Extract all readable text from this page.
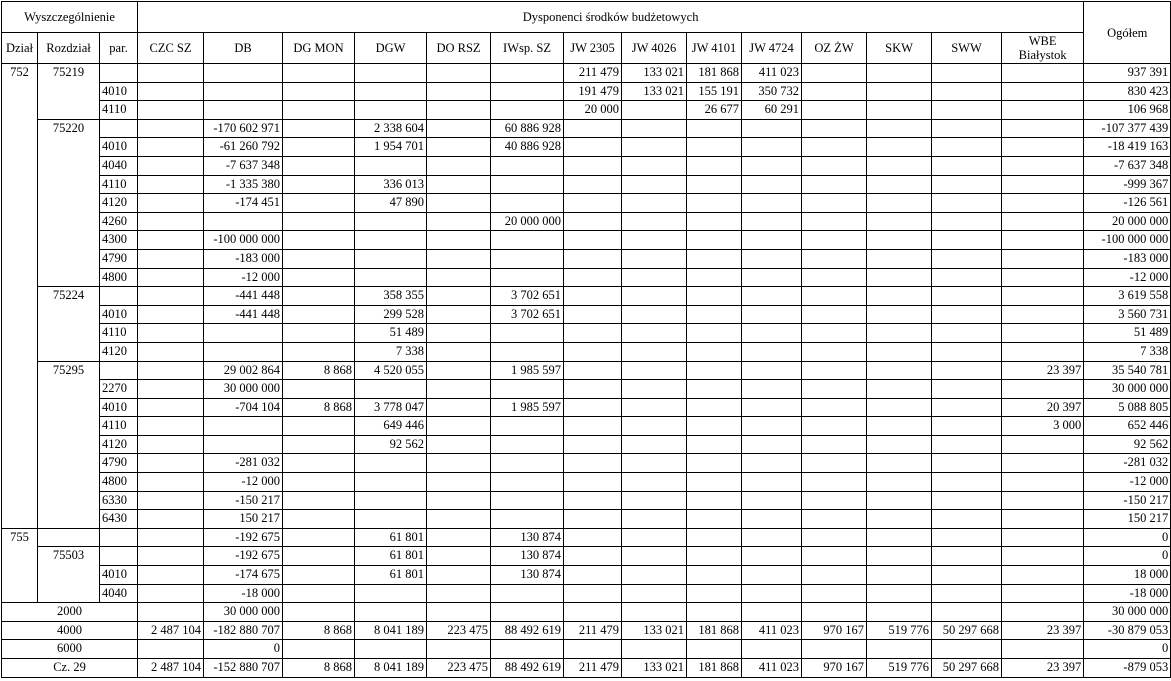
Wyszczególnienie			Dysponenci środków budżetowych														Ogółem
Dział	Rozdział	par.	CZC SZ	DB	DG MON	DGW	DO RSZ	IWsp. SZ	JW 2305	JW 4026	JW 4101	JW 4724	OZ ŻW	SKW	SWW	WBE Białystok	
752	75219								211 479	133 021	181 868	411 023					937 391
		4010							191 479	133 021	155 191	350 732					830 423
		4110							20 000		26 677	60 291					106 968
	75220			-170 602 971		2 338 604		60 886 928									-107 377 439
		4010		-61 260 792		1 954 701		40 886 928									-18 419 163
		4040		-7 637 348													-7 637 348
		4110		-1 335 380		336 013											-999 367
		4120		-174 451		47 890											-126 561
		4260						20 000 000									20 000 000
		4300		-100 000 000													-100 000 000
		4790		-183 000													-183 000
		4800		-12 000													-12 000
	75224			-441 448		358 355		3 702 651									3 619 558
		4010		-441 448		299 528		3 702 651									3 560 731
		4110				51 489											51 489
		4120				7 338											7 338
	75295			29 002 864	8 868	4 520 055		1 985 597								23 397	35 540 781
		2270		30 000 000													30 000 000
		4010		-704 104	8 868	3 778 047		1 985 597								20 397	5 088 805
		4110				649 446										3 000	652 446
		4120				92 562											92 562
		4790		-281 032													-281 032
		4800		-12 000													-12 000
		6330		-150 217													-150 217
		6430		150 217													150 217
755				-192 675		61 801		130 874									0
	75503			-192 675		61 801		130 874									0
		4010		-174 675		61 801		130 874									18 000
		4040		-18 000													-18 000
2000				30 000 000													30 000 000
4000			2 487 104	-182 880 707	8 868	8 041 189	223 475	88 492 619	211 479	133 021	181 868	411 023	970 167	519 776	50 297 668	23 397	-30 879 053
6000				0													0
Cz. 29			2 487 104	-152 880 707	8 868	8 041 189	223 475	88 492 619	211 479	133 021	181 868	411 023	970 167	519 776	50 297 668	23 397	-879 053
